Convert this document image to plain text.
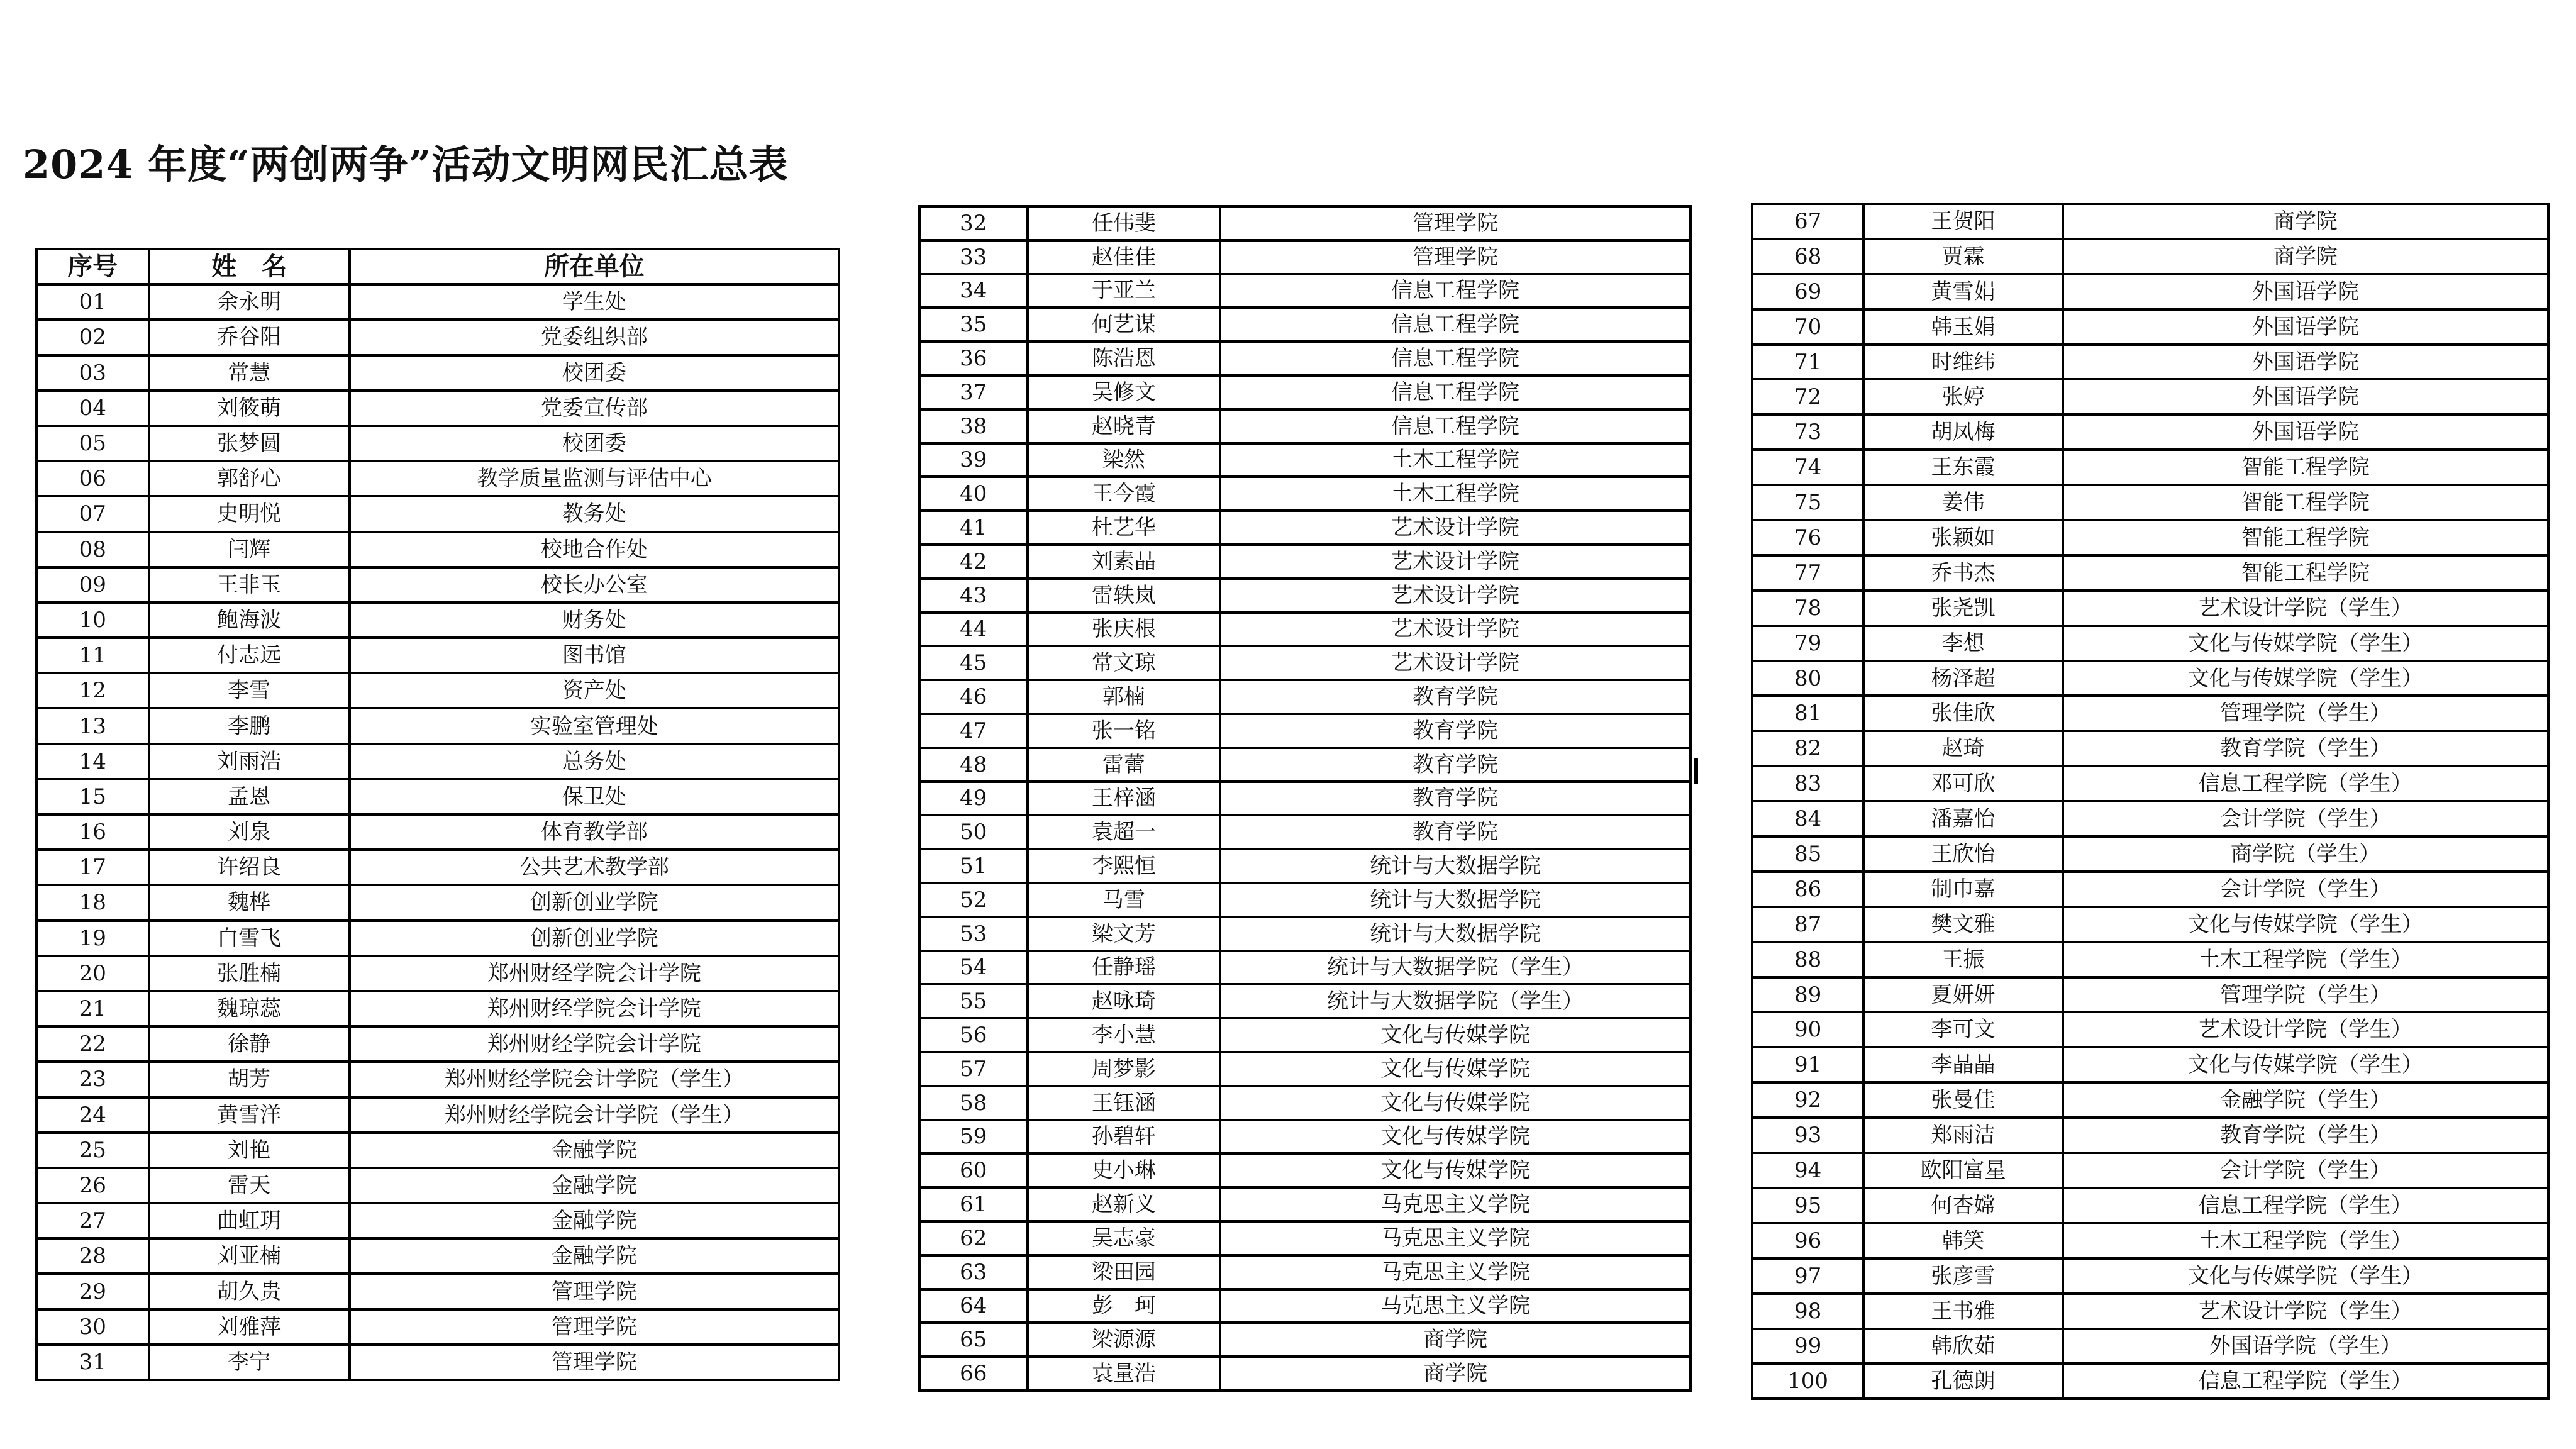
2024 年度“两创两争”活动文明网民汇总表
序号	姓　名	所在单位
01	余永明	学生处
02	乔谷阳	党委组织部
03	常慧	校团委
04	刘筱萌	党委宣传部
05	张梦圆	校团委
06	郭舒心	教学质量监测与评估中心
07	史明悦	教务处
08	闫辉	校地合作处
09	王非玉	校长办公室
10	鲍海波	财务处
11	付志远	图书馆
12	李雪	资产处
13	李鹏	实验室管理处
14	刘雨浩	总务处
15	孟恩	保卫处
16	刘泉	体育教学部
17	许绍良	公共艺术教学部
18	魏桦	创新创业学院
19	白雪飞	创新创业学院
20	张胜楠	郑州财经学院会计学院
21	魏琼蕊	郑州财经学院会计学院
22	徐静	郑州财经学院会计学院
23	胡芳	郑州财经学院会计学院（学生）
24	黄雪洋	郑州财经学院会计学院（学生）
25	刘艳	金融学院
26	雷天	金融学院
27	曲虹玥	金融学院
28	刘亚楠	金融学院
29	胡久贵	管理学院
30	刘雅萍	管理学院
31	李宁	管理学院
32	任伟斐	管理学院
33	赵佳佳	管理学院
34	于亚兰	信息工程学院
35	何艺谋	信息工程学院
36	陈浩恩	信息工程学院
37	吴修文	信息工程学院
38	赵晓青	信息工程学院
39	梁然	土木工程学院
40	王今霞	土木工程学院
41	杜艺华	艺术设计学院
42	刘素晶	艺术设计学院
43	雷轶岚	艺术设计学院
44	张庆根	艺术设计学院
45	常文琼	艺术设计学院
46	郭楠	教育学院
47	张一铭	教育学院
48	雷蕾	教育学院
49	王梓涵	教育学院
50	袁超一	教育学院
51	李熙恒	统计与大数据学院
52	马雪	统计与大数据学院
53	梁文芳	统计与大数据学院
54	任静瑶	统计与大数据学院（学生）
55	赵咏琦	统计与大数据学院（学生）
56	李小慧	文化与传媒学院
57	周梦影	文化与传媒学院
58	王钰涵	文化与传媒学院
59	孙碧轩	文化与传媒学院
60	史小琳	文化与传媒学院
61	赵新义	马克思主义学院
62	吴志豪	马克思主义学院
63	梁田园	马克思主义学院
64	彭　珂	马克思主义学院
65	梁源源	商学院
66	袁量浩	商学院
67	王贺阳	商学院
68	贾霖	商学院
69	黄雪娟	外国语学院
70	韩玉娟	外国语学院
71	时维纬	外国语学院
72	张婷	外国语学院
73	胡凤梅	外国语学院
74	王东霞	智能工程学院
75	姜伟	智能工程学院
76	张颖如	智能工程学院
77	乔书杰	智能工程学院
78	张尧凯	艺术设计学院（学生）
79	李想	文化与传媒学院（学生）
80	杨泽超	文化与传媒学院（学生）
81	张佳欣	管理学院（学生）
82	赵琦	教育学院（学生）
83	邓可欣	信息工程学院（学生）
84	潘嘉怡	会计学院（学生）
85	王欣怡	商学院（学生）
86	制巾嘉	会计学院（学生）
87	樊文雅	文化与传媒学院（学生）
88	王振	土木工程学院（学生）
89	夏妍妍	管理学院（学生）
90	李可文	艺术设计学院（学生）
91	李晶晶	文化与传媒学院（学生）
92	张曼佳	金融学院（学生）
93	郑雨洁	教育学院（学生）
94	欧阳富星	会计学院（学生）
95	何杏嫦	信息工程学院（学生）
96	韩笑	土木工程学院（学生）
97	张彦雪	文化与传媒学院（学生）
98	王书雅	艺术设计学院（学生）
99	韩欣茹	外国语学院（学生）
100	孔德朗	信息工程学院（学生）
